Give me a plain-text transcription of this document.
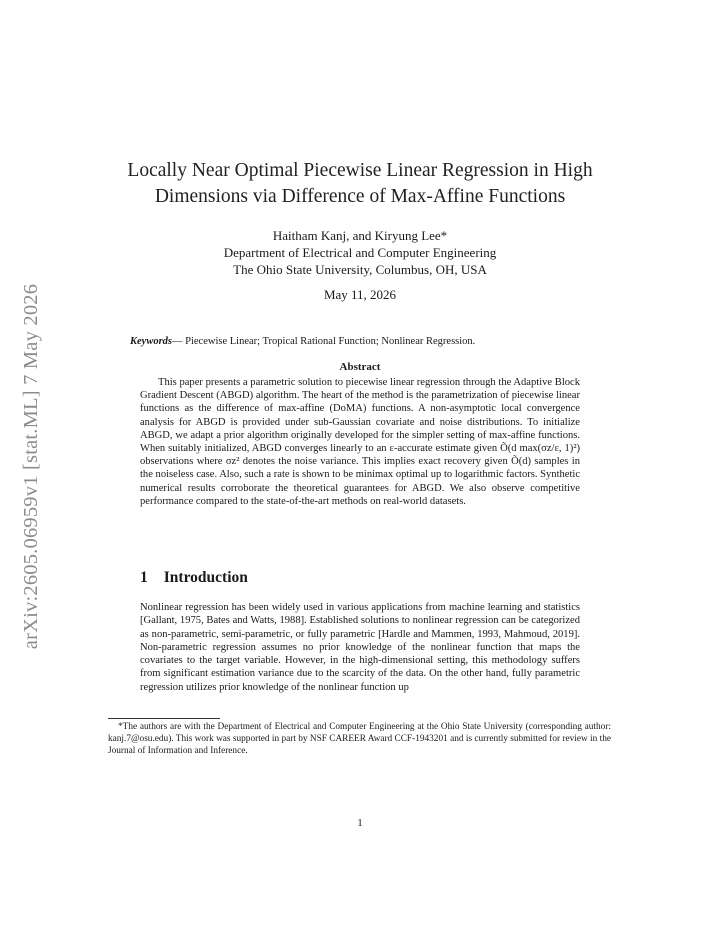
arXiv:2605.06959v1 [stat.ML] 7 May 2026
Locally Near Optimal Piecewise Linear Regression in High Dimensions via Difference of Max-Affine Functions
Haitham Kanj, and Kiryung Lee*
Department of Electrical and Computer Engineering
The Ohio State University, Columbus, OH, USA
May 11, 2026
Keywords— Piecewise Linear; Tropical Rational Function; Nonlinear Regression.
Abstract

This paper presents a parametric solution to piecewise linear regression through the Adaptive Block Gradient Descent (ABGD) algorithm. The heart of the method is the parametrization of piecewise linear functions as the difference of max-affine (DoMA) functions. A non-asymptotic local convergence analysis for ABGD is provided under sub-Gaussian covariate and noise distributions. To initialize ABGD, we adapt a prior algorithm originally developed for the simpler setting of max-affine functions. When suitably initialized, ABGD converges linearly to an ε-accurate estimate given Õ(d max(σz/ε, 1)²) observations where σz² denotes the noise variance. This implies exact recovery given Õ(d) samples in the noiseless case. Also, such a rate is shown to be minimax optimal up to logarithmic factors. Synthetic numerical results corroborate the theoretical guarantees for ABGD. We also observe competitive performance compared to the state-of-the-art methods on real-world datasets.

1 Introduction

Nonlinear regression has been widely used in various applications from machine learning and statistics [Gallant, 1975, Bates and Watts, 1988]. Established solutions to nonlinear regression can be categorized as non-parametric, semi-parametric, or fully parametric [Hardle and Mammen, 1993, Mahmoud, 2019]. Non-parametric regression assumes no prior knowledge of the nonlinear function that maps the covariates to the target variable. However, in the high-dimensional setting, this methodology suffers from significant estimation variance due to the scarcity of the data. On the other hand, fully parametric regression utilizes prior knowledge of the nonlinear function up

*The authors are with the Department of Electrical and Computer Engineering at the Ohio State University (corresponding author: kanj.7@osu.edu). This work was supported in part by NSF CAREER Award CCF-1943201 and is currently submitted for review in the Journal of Information and Inference.

1
